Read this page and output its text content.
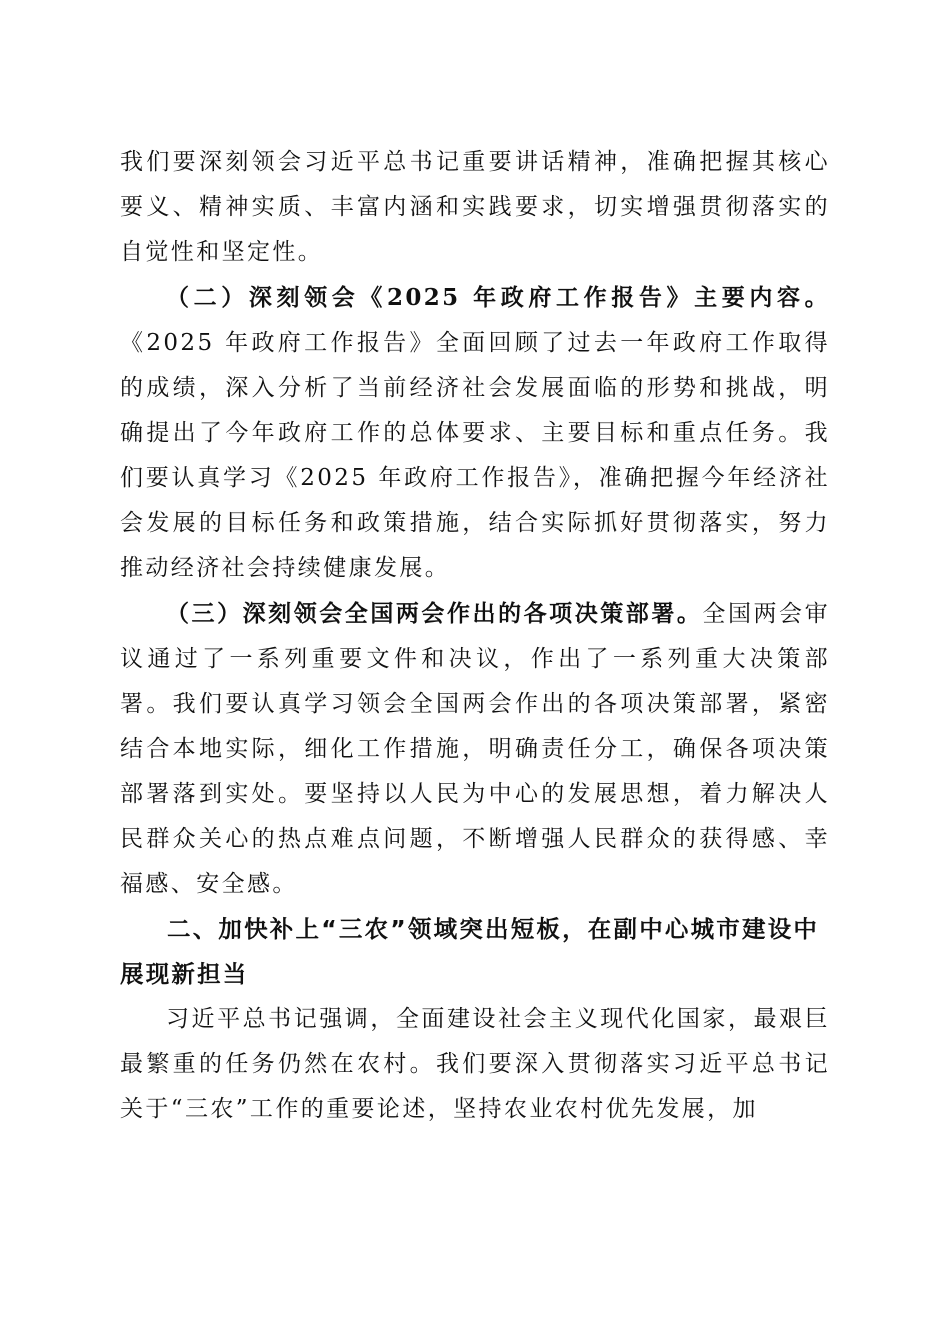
我们要深刻领会习近平总书记重要讲话精神，准确把握其核心要义、精神实质、丰富内涵和实践要求，切实增强贯彻落实的自觉性和坚定性。

（二）深刻领会《2025 年政府工作报告》主要内容。《2025 年政府工作报告》全面回顾了过去一年政府工作取得的成绩，深入分析了当前经济社会发展面临的形势和挑战，明确提出了今年政府工作的总体要求、主要目标和重点任务。我们要认真学习《2025 年政府工作报告》，准确把握今年经济社会发展的目标任务和政策措施，结合实际抓好贯彻落实，努力推动经济社会持续健康发展。

（三）深刻领会全国两会作出的各项决策部署。全国两会审议通过了一系列重要文件和决议，作出了一系列重大决策部署。我们要认真学习领会全国两会作出的各项决策部署，紧密结合本地实际，细化工作措施，明确责任分工，确保各项决策部署落到实处。要坚持以人民为中心的发展思想，着力解决人民群众关心的热点难点问题，不断增强人民群众的获得感、幸福感、安全感。

二、加快补上“三农”领域突出短板，在副中心城市建设中展现新担当

习近平总书记强调，全面建设社会主义现代化国家，最艰巨最繁重的任务仍然在农村。我们要深入贯彻落实习近平总书记关于“三农”工作的重要论述，坚持农业农村优先发展，加
